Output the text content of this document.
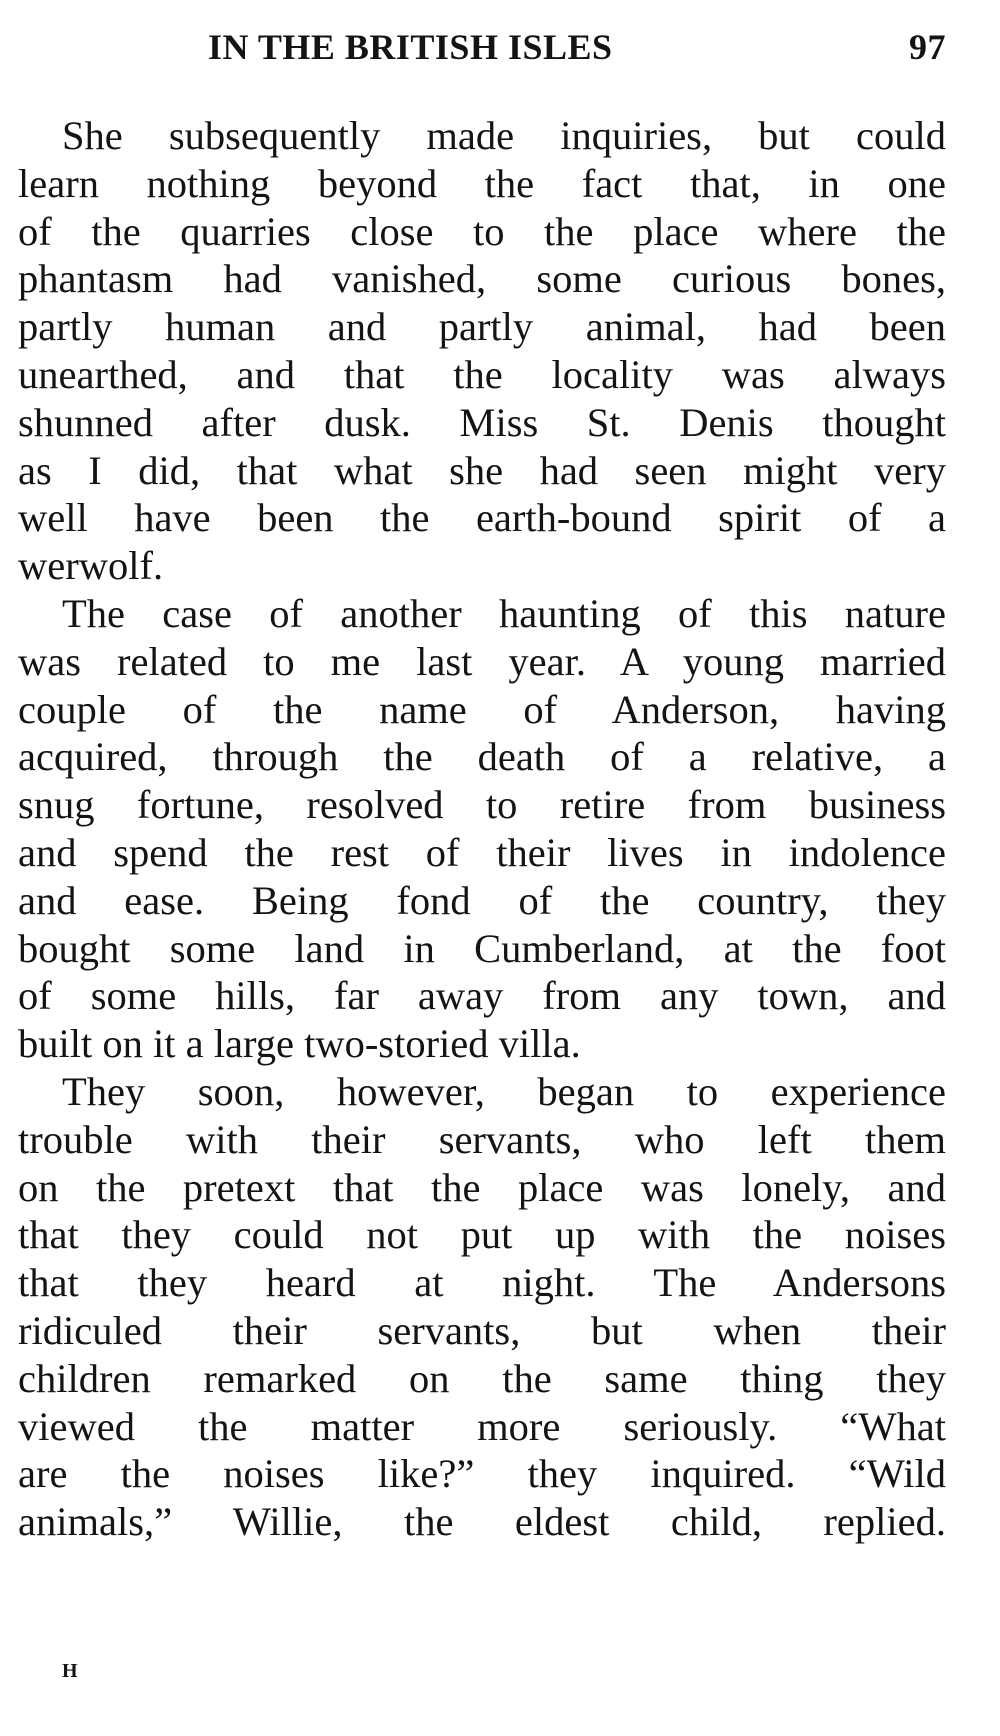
IN THE BRITISH ISLES	97
She subsequently made inquiries, but could
learn nothing beyond the fact that, in one
of the quarries close to the place where the
phantasm had vanished, some curious bones,
partly human and partly animal, had been
unearthed, and that the locality was always
shunned after dusk. Miss St. Denis thought
as I did, that what she had seen might very
well have been the earth-bound spirit of a
werwolf.
The case of another haunting of this nature
was related to me last year. A young married
couple of the name of Anderson, having
acquired, through the death of a relative, a
snug fortune, resolved to retire from business
and spend the rest of their lives in indolence
and ease. Being fond of the country, they
bought some land in Cumberland, at the foot
of some hills, far away from any town, and
built on it a large two-storied villa.
They soon, however, began to experience
trouble with their servants, who left them
on the pretext that the place was lonely, and
that they could not put up with the noises
that they heard at night. The Andersons
ridiculed their servants, but when their
children remarked on the same thing they
viewed the matter more seriously. “What
are the noises like?” they inquired. “Wild
animals,” Willie, the eldest child, replied.
H
